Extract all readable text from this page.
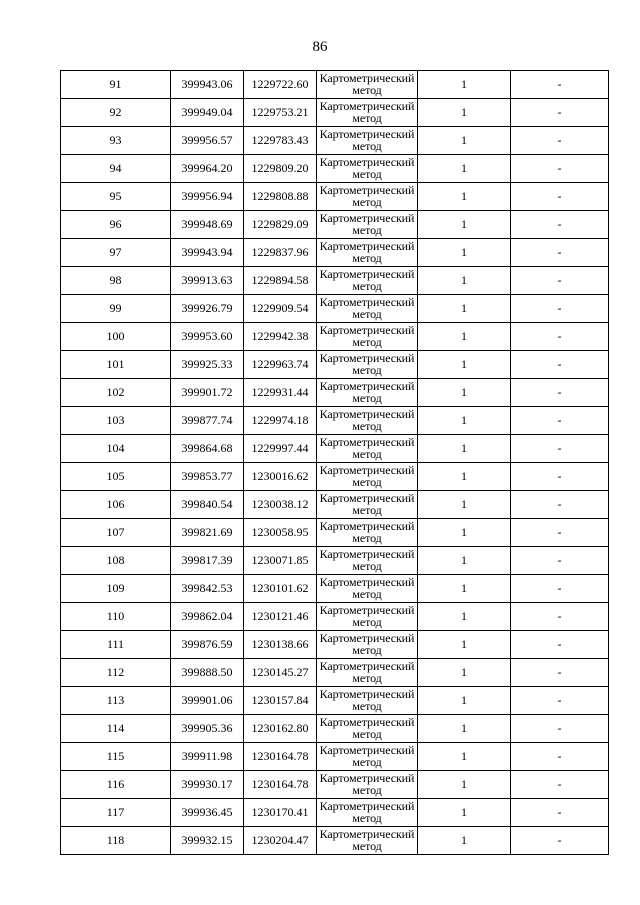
86
91	399943.06	1229722.60	Картометрический метод	1	-
92	399949.04	1229753.21	Картометрический метод	1	-
93	399956.57	1229783.43	Картометрический метод	1	-
94	399964.20	1229809.20	Картометрический метод	1	-
95	399956.94	1229808.88	Картометрический метод	1	-
96	399948.69	1229829.09	Картометрический метод	1	-
97	399943.94	1229837.96	Картометрический метод	1	-
98	399913.63	1229894.58	Картометрический метод	1	-
99	399926.79	1229909.54	Картометрический метод	1	-
100	399953.60	1229942.38	Картометрический метод	1	-
101	399925.33	1229963.74	Картометрический метод	1	-
102	399901.72	1229931.44	Картометрический метод	1	-
103	399877.74	1229974.18	Картометрический метод	1	-
104	399864.68	1229997.44	Картометрический метод	1	-
105	399853.77	1230016.62	Картометрический метод	1	-
106	399840.54	1230038.12	Картометрический метод	1	-
107	399821.69	1230058.95	Картометрический метод	1	-
108	399817.39	1230071.85	Картометрический метод	1	-
109	399842.53	1230101.62	Картометрический метод	1	-
110	399862.04	1230121.46	Картометрический метод	1	-
111	399876.59	1230138.66	Картометрический метод	1	-
112	399888.50	1230145.27	Картометрический метод	1	-
113	399901.06	1230157.84	Картометрический метод	1	-
114	399905.36	1230162.80	Картометрический метод	1	-
115	399911.98	1230164.78	Картометрический метод	1	-
116	399930.17	1230164.78	Картометрический метод	1	-
117	399936.45	1230170.41	Картометрический метод	1	-
118	399932.15	1230204.47	Картометрический метод	1	-
